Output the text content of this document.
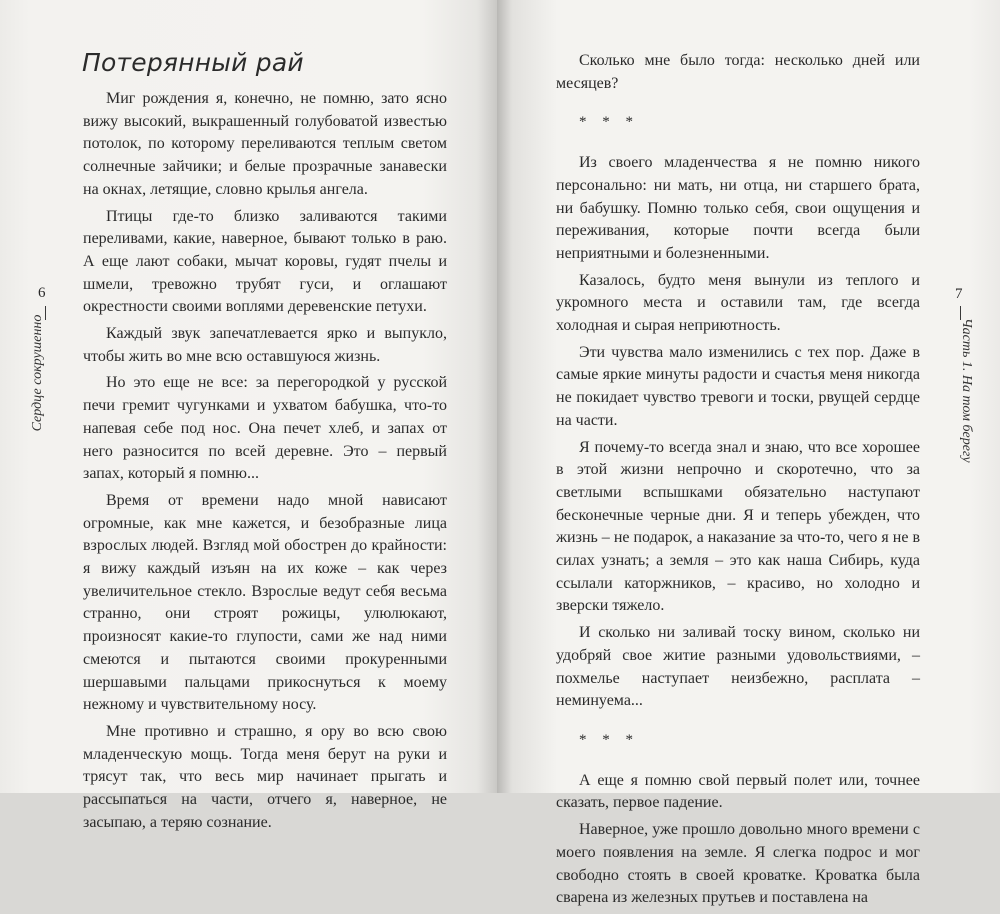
6
Сердце сокрушенно
Потерянный рай

Миг рождения я, конечно, не помню, зато ясно вижу высокий, выкрашенный голубоватой известью потолок, по которому переливаются теплым светом солнечные зайчики; и белые прозрачные занавески на окнах, летящие, словно крылья ангела.

Птицы где-то близко заливаются такими переливами, какие, наверное, бывают только в раю. А еще лают собаки, мычат коровы, гудят пчелы и шмели, тревожно трубят гуси, и оглашают окрестности своими воплями деревенские петухи.

Каждый звук запечатлевается ярко и выпукло, чтобы жить во мне всю оставшуюся жизнь.

Но это еще не все: за перегородкой у русской печи гремит чугунками и ухватом бабушка, что-то напевая себе под нос. Она печет хлеб, и запах от него разносится по всей деревне. Это – первый запах, который я помню...

Время от времени надо мной нависают огромные, как мне кажется, и безобразные лица взрослых людей. Взгляд мой обострен до крайности: я вижу каждый изъян на их коже – как через увеличительное стекло. Взрослые ведут себя весьма странно, они строят рожицы, улюлюкают, произносят какие-то глупости, сами же над ними смеются и пытаются своими прокуренными шершавыми пальцами прикоснуться к моему нежному и чувствительному носу.

Мне противно и страшно, я ору во всю свою младенческую мощь. Тогда меня берут на руки и трясут так, что весь мир начинает прыгать и рассыпаться на части, отчего я, наверное, не засыпаю, а теряю сознание.

7
Часть 1. На том берегу

Сколько мне было тогда: несколько дней или месяцев?

* * *

Из своего младенчества я не помню никого персонально: ни мать, ни отца, ни старшего брата, ни бабушку. Помню только себя, свои ощущения и переживания, которые почти всегда были неприятными и болезненными.

Казалось, будто меня вынули из теплого и укромного места и оставили там, где всегда холодная и сырая неприютность.

Эти чувства мало изменились с тех пор. Даже в самые яркие минуты радости и счастья меня никогда не покидает чувство тревоги и тоски, рвущей сердце на части.

Я почему-то всегда знал и знаю, что все хорошее в этой жизни непрочно и скоротечно, что за светлыми вспышками обязательно наступают бесконечные черные дни. Я и теперь убежден, что жизнь – не подарок, а наказание за что-то, чего я не в силах узнать; а земля – это как наша Сибирь, куда ссылали каторжников, – красиво, но холодно и зверски тяжело.

И сколько ни заливай тоску вином, сколько ни удобряй свое житие разными удовольствиями, – похмелье наступает неизбежно, расплата – неминуема...

* * *

А еще я помню свой первый полет или, точнее сказать, первое падение.

Наверное, уже прошло довольно много времени с моего появления на земле. Я слегка подрос и мог свободно стоять в своей кроватке. Кроватка была сварена из железных прутьев и поставлена на
